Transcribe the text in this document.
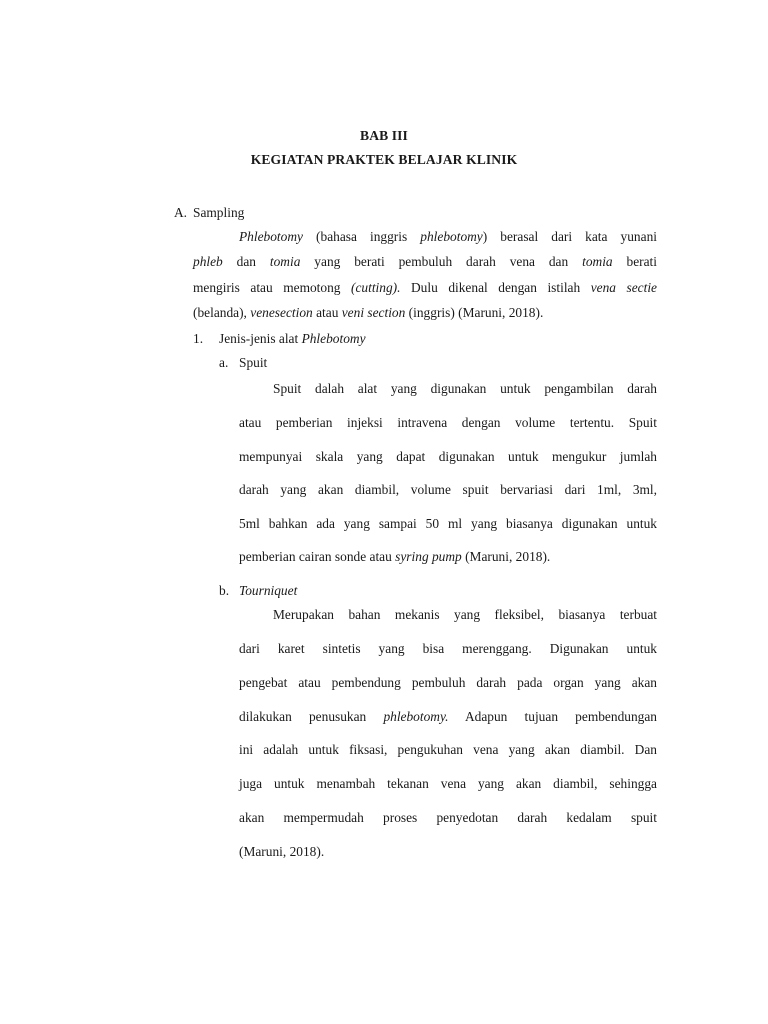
BAB III
KEGIATAN PRAKTEK BELAJAR KLINIK
A. Sampling
Phlebotomy (bahasa inggris phlebotomy) berasal dari kata yunani
phleb dan tomia yang berati pembuluh darah vena dan tomia berati
mengiris atau memotong (cutting). Dulu dikenal dengan istilah vena sectie
(belanda), venesection atau veni section (inggris) (Maruni, 2018).
1. Jenis-jenis alat Phlebotomy
a. Spuit
Spuit dalah alat yang digunakan untuk pengambilan darah
atau pemberian injeksi intravena dengan volume tertentu. Spuit
mempunyai skala yang dapat digunakan untuk mengukur jumlah
darah yang akan diambil, volume spuit bervariasi dari 1ml, 3ml,
5ml bahkan ada yang sampai 50 ml yang biasanya digunakan untuk
pemberian cairan sonde atau syring pump (Maruni, 2018).
b. Tourniquet
Merupakan bahan mekanis yang fleksibel, biasanya terbuat
dari karet sintetis yang bisa merenggang. Digunakan untuk
pengebat atau pembendung pembuluh darah pada organ yang akan
dilakukan penusukan phlebotomy. Adapun tujuan pembendungan
ini adalah untuk fiksasi, pengukuhan vena yang akan diambil. Dan
juga untuk menambah tekanan vena yang akan diambil, sehingga
akan mempermudah proses penyedotan darah kedalam spuit
(Maruni, 2018).
